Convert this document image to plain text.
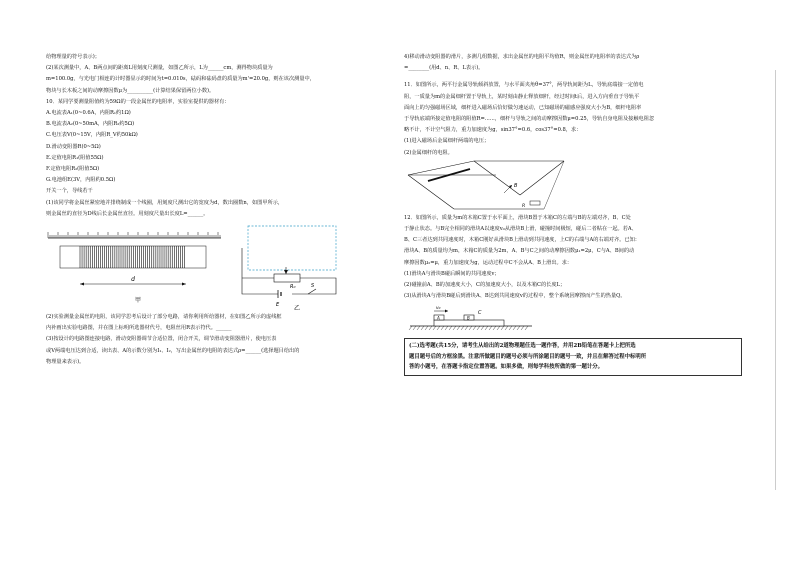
给物理量的符号表示)；
(2)某次测量中，A、B两点间的距离L用刻度尺测量，如图乙所示，L为______cm，测得物块质量为
m=100.0g，与光电门相连的计时器显示的时间为t=0.010s，砝码和砝码盘的质量为m'=20.0g，则在该次测量中，
物块与长木板之间的动摩擦因数μ为__________(计算结果保留两位小数)。
10．某同学要测量阻值约为59Ω的一段金属丝的电阻率，实验室提供的器材有：
A.电流表A₁(0~0.6A，内阻R₁约1Ω)
B.电流表A₂(0~50mA，内阻R₂约5Ω)
C.电压表V(0~15V，内阻R_V约50kΩ)
D.滑动变阻器R(0~5Ω)
E.定值电阻R₁(阻值55Ω)
F.定值电阻R₂(阻值5Ω)
G.电池组E(3V，内阻约0.5Ω)
开关一个，导线若干
(1)该同学将金属丝紧密地并排绕制成一个线圈，用刻度尺测出它的宽度为d，数出圈数n，如图甲所示，
则金属丝的直径为D线后长金属丝直径。用刻度尺量出长度L=______。
d
甲
R₀
E
S
乙
(2)实验测量金属丝的电阻，该同学思考后设计了部分电路，请你利用所给器材，在如图乙所示的虚线框
内补画出实验电路图，并在图上标明所选器材代号，电阻丝用R表示符代。______
(3)按设计的电路图连接电路，滑动变阻器调节合适位置，闭合开关，调节滑动变阻器滑片，使电压表
或V两端电压达到合适，读出表、A的示数分别为I₁、I₂，写出金属丝的电阻的表达式ρ=______(选择题目给出的
物理量来表示)。
4)移动滑动变阻器的滑片，多测几组数据，求出金属丝的电阻平均值R，则金属丝的电阻率的表达式为ρ
=________(用d、n、R、L表示)。
11．如图所示，两平行金属导轨倾斜放置，与水平面夹角θ=37°，两导轨间距为L，导轨底端接一定值电
阻，一质量为m的金属细杆置于导轨上，某时刻由静止释放细杆，经过时间t后，进入方向垂直于导轨平
面向上的匀强磁场区域，细杆进入磁场后恰好做匀速运动，已知磁场的磁感应强度大小为B，细杆电阻率
于导轨底端所接定值电阻的阻值R=......，细杆与导轨之间的动摩擦因数μ=0.25，导轨自身电阻及接触电阻忽
略不计，不计空气阻力，重力加速度为g，sin37°=0.6，cos37°=0.8，求：
(1)进入磁场后金属细杆两端的电压；
(2)金属细杆的电阻。
B
R
12．如图所示，质量为m的木箱C置于水平面上，滑块B置于木箱C的左端与B的左端对齐，B、C处
于静止状态。与B完全相同的滑块A以速度v₀从滑块B上滑，碰撞时间极短，碰后二者粘在一起。若A、
B、C三者达到共同速度时，木箱C刚好从滑块B上滑动到共同速度，上C的右端与A的右端对齐。已知：
滑块A、B的质量均为m，木箱C的质量为2m，A、B与C之间的动摩擦因数μ₁=2μ，C与A、B间的动
摩擦因数μ₂=μ，重力加速度为g，运动过程中C不会从A、B上滑出。求：
(1)滑块A与滑块B碰后瞬间的共同速度v；
(2)碰撞前A、B的加速度大小，C的加速度大小，以及木箱C的长度L；
(3)从滑块A与滑块B碰后到滑块A、B达到共同速度v的过程中，整个系统因摩擦而产生的热量Q。
v₀
A	B
C
(二)选考题(共15分，请考生从给出的2道物理题任选一题作答，并用2B铅笔在答题卡上把所选
题目题号后的方框涂黑。注意所做题目的题号必须与所涂题目的题号一致，并且在解答过程中标明所
答的小题号，在答题卡指定位置答题。如果多做，则每学科按所做的第一题计分。
